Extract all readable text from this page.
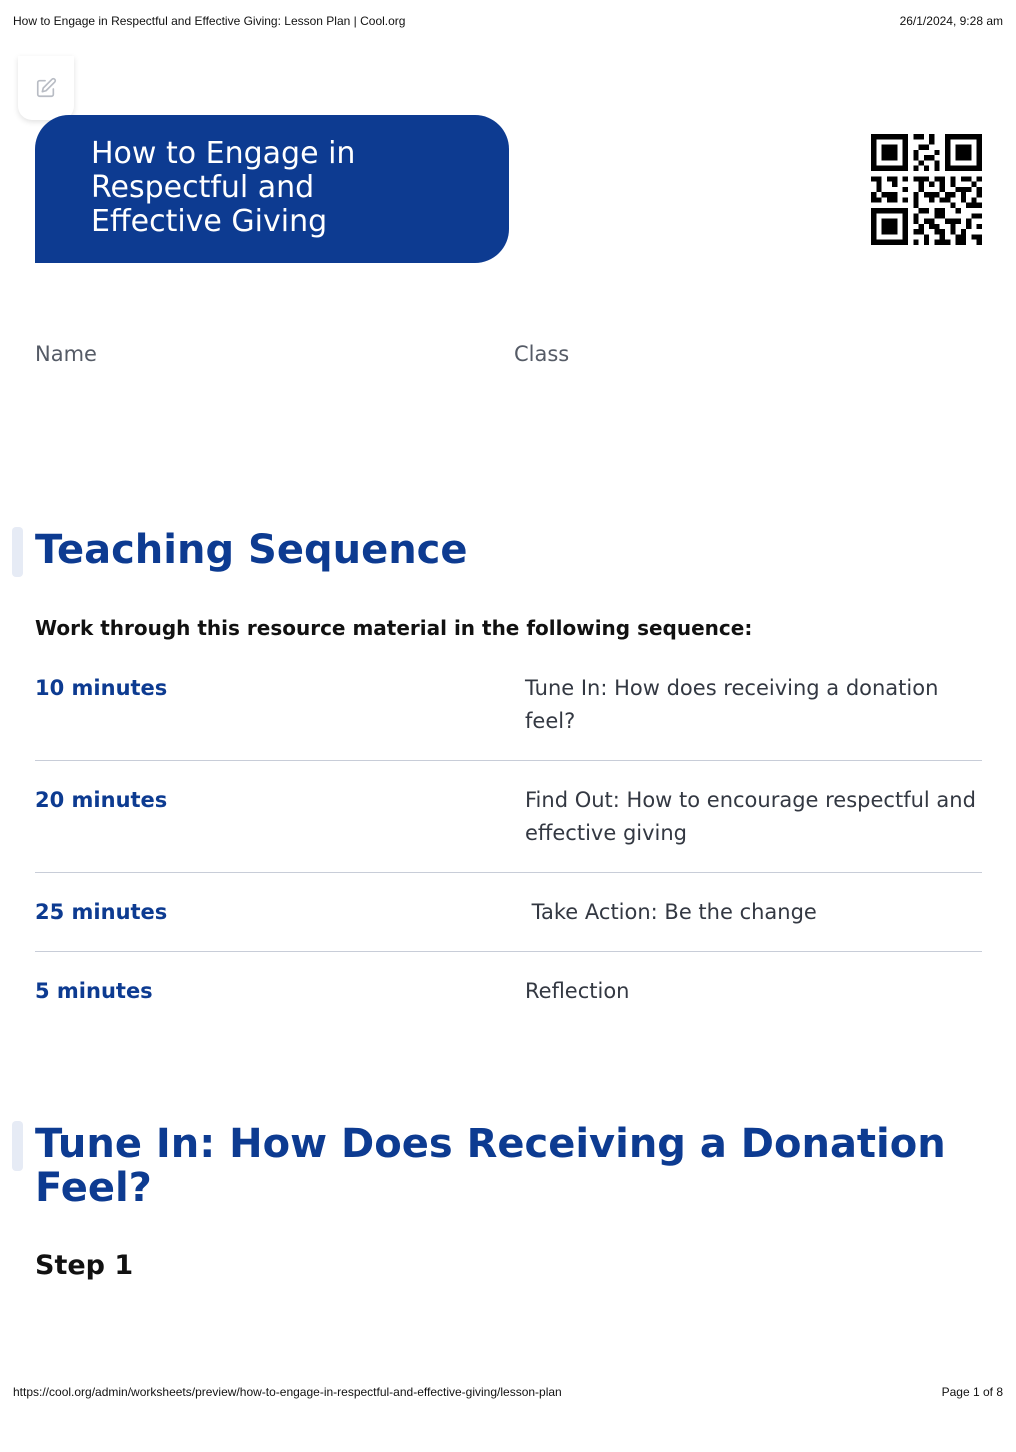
How to Engage in Respectful and Effective Giving: Lesson Plan | Cool.org	26/1/2024, 9:28 am
How to Engage in Respectful and Effective Giving
Name	Class
Teaching Sequence
Work through this resource material in the following sequence:
10 minutes	Tune In: How does receiving a donation feel?
20 minutes	Find Out: How to encourage respectful and effective giving
25 minutes	Take Action: Be the change
5 minutes	Reflection
Tune In: How Does Receiving a Donation Feel?
Step 1
https://cool.org/admin/worksheets/preview/how-to-engage-in-respectful-and-effective-giving/lesson-plan	Page 1 of 8
